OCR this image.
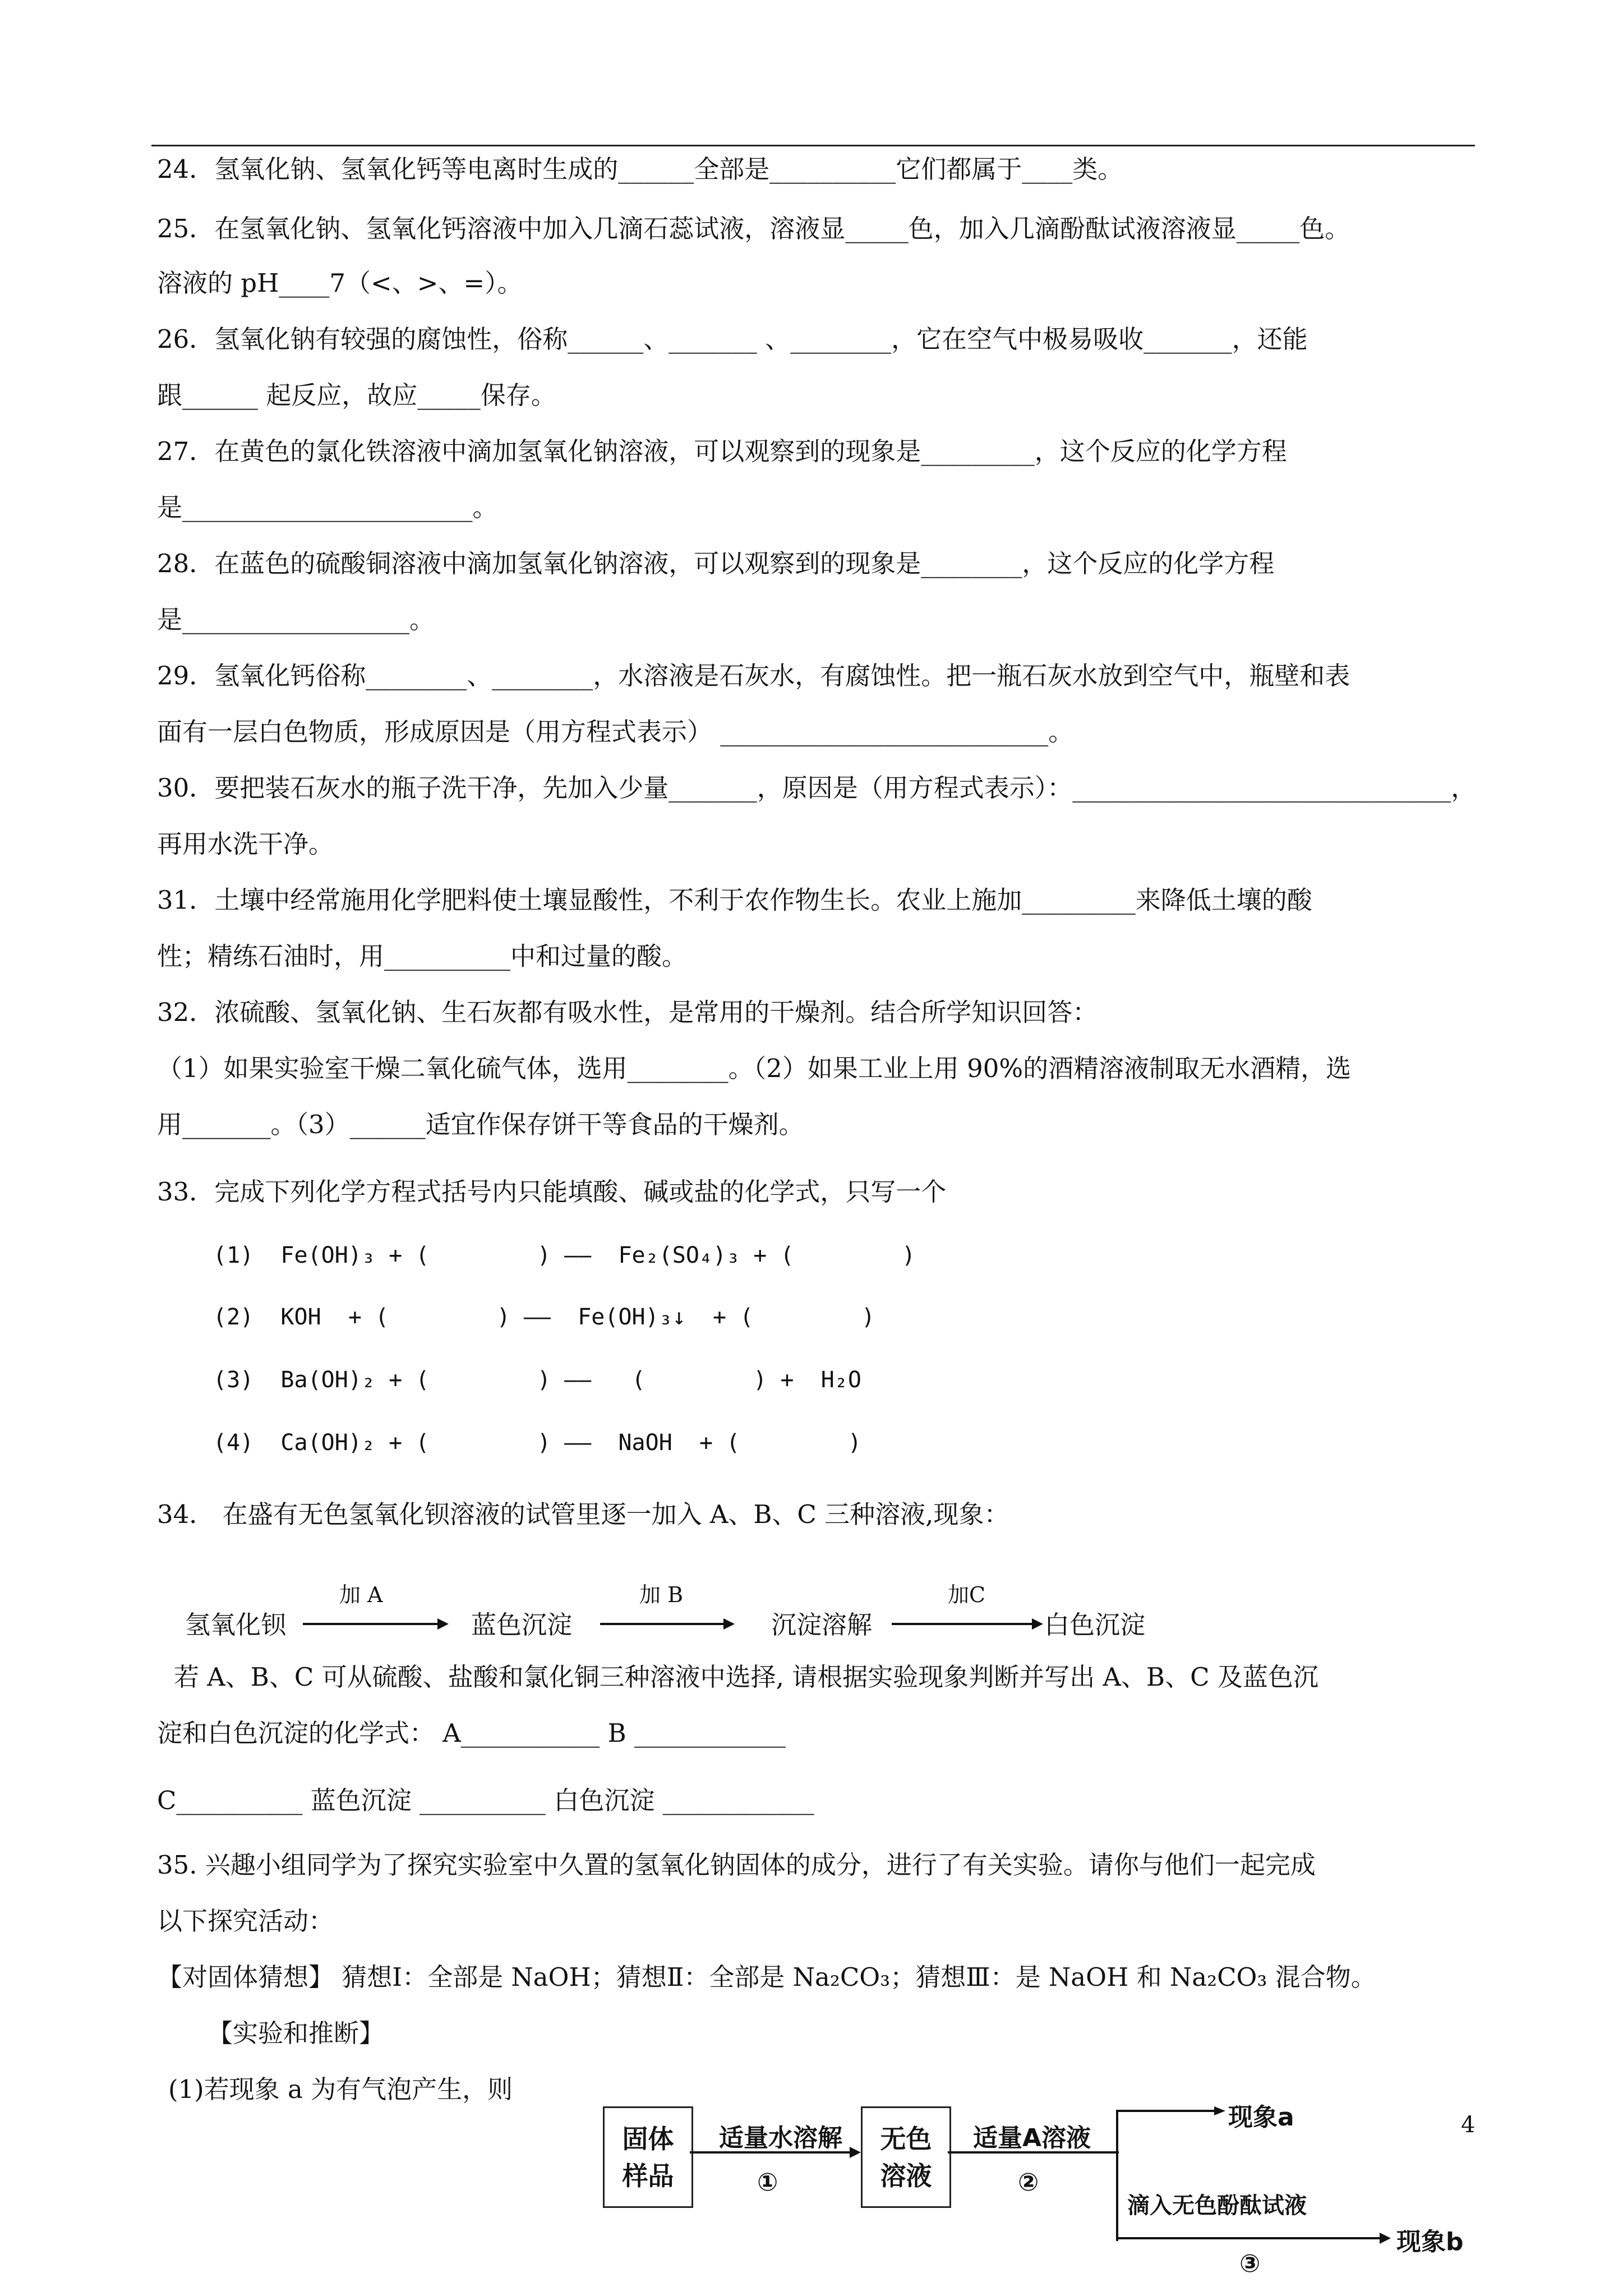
24．氢氧化钠、氢氧化钙等电离时生成的______全部是__________它们都属于____类。
25．在氢氧化钠、氢氧化钙溶液中加入几滴石蕊试液，溶液显_____色，加入几滴酚酞试液溶液显_____色。
溶液的 pH____7（<、>、=）。
26．氢氧化钠有较强的腐蚀性，俗称______、_______ 、________，它在空气中极易吸收_______，还能
跟______ 起反应，故应_____保存。
27．在黄色的氯化铁溶液中滴加氢氧化钠溶液，可以观察到的现象是_________，这个反应的化学方程
是_______________________。
28．在蓝色的硫酸铜溶液中滴加氢氧化钠溶液，可以观察到的现象是________，这个反应的化学方程
是__________________。
29．氢氧化钙俗称________、________，水溶液是石灰水，有腐蚀性。把一瓶石灰水放到空气中，瓶壁和表
面有一层白色物质，形成原因是（用方程式表示） __________________________。
30．要把装石灰水的瓶子洗干净，先加入少量_______，原因是（用方程式表示）：______________________________，
再用水洗干净。
31．土壤中经常施用化学肥料使土壤显酸性，不利于农作物生长。农业上施加_________来降低土壤的酸
性；精练石油时，用__________中和过量的酸。
32．浓硫酸、氢氧化钠、生石灰都有吸水性，是常用的干燥剂。结合所学知识回答：
（1）如果实验室干燥二氧化硫气体，选用________。（2）如果工业上用 90%的酒精溶液制取无水酒精，选
用_______。（3）______适宜作保存饼干等食品的干燥剂。
33．完成下列化学方程式括号内只能填酸、碱或盐的化学式，只写一个
(1)  Fe(OH)₃ + (        ) ——  Fe₂(SO₄)₃ + (        )
(2)  KOH  + (        ) ——  Fe(OH)₃↓  + (        )
(3)  Ba(OH)₂ + (        ) ——   (        ) +  H₂O
(4)  Ca(OH)₂ + (        ) ——  NaOH  + (        )
34． 在盛有无色氢氧化钡溶液的试管里逐一加入 A、B、C 三种溶液,现象：
氢氧化钡
加 A
蓝色沉淀
加 B
沉淀溶解
加C
白色沉淀
若 A、B、C 可从硫酸、盐酸和氯化铜三种溶液中选择, 请根据实验现象判断并写出 A、B、C 及蓝色沉
淀和白色沉淀的化学式： A___________ B ____________
C__________ 蓝色沉淀 __________ 白色沉淀 ____________
35. 兴趣小组同学为了探究实验室中久置的氢氧化钠固体的成分，进行了有关实验。请你与他们一起完成
以下探究活动：
【对固体猜想】 猜想Ⅰ：全部是 NaOH；猜想Ⅱ：全部是 Na₂CO₃；猜想Ⅲ：是 NaOH 和 Na₂CO₃ 混合物。
【实验和推断】
(1)若现象 a 为有气泡产生，则
固体
样品
适量水溶解
①
无色
溶液
适量A溶液
②
现象a
滴入无色酚酞试液
③
现象b
4
